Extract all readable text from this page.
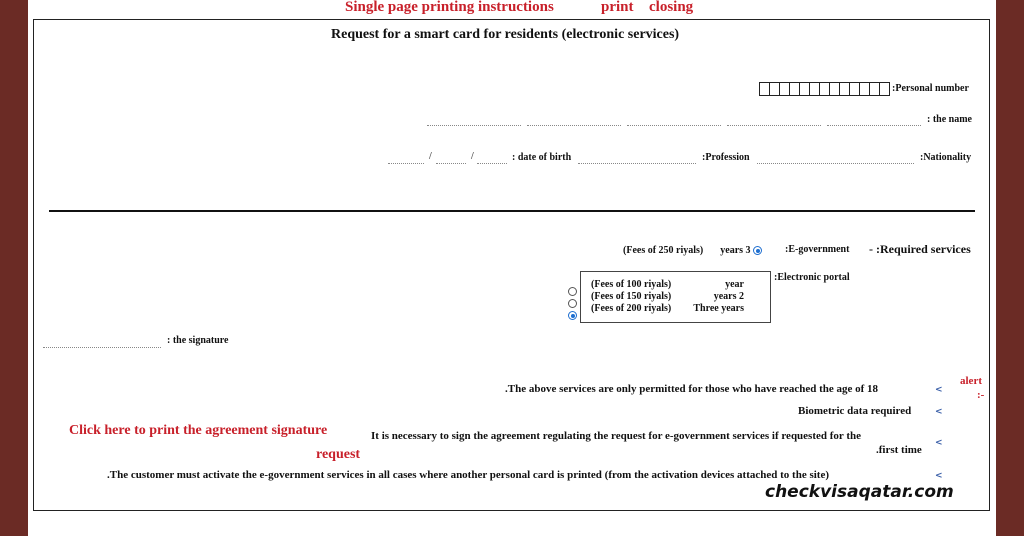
Single page printing instructions	print closing
Request for a smart card for residents (electronic services)
:Personal number
: the name
/	/	: date of birth	:Profession	:Nationality
- :Required services
:E-government
(Fees of 250 riyals) years 3
:Electronic portal
(Fees of 100 riyals)	year
(Fees of 150 riyals)	years 2
(Fees of 200 riyals) Three years
: the signature
alert
:-
.The above services are only permitted for those who have reached the age of 18	<
Biometric data required	<
Click here to print the agreement signature
request
It is necessary to sign the agreement regulating the request for e-government services if requested for the
.first time
<
.The customer must activate the e-government services in all cases where another personal card is printed (from the activation devices attached to the site)	<
checkvisaqatar.com
